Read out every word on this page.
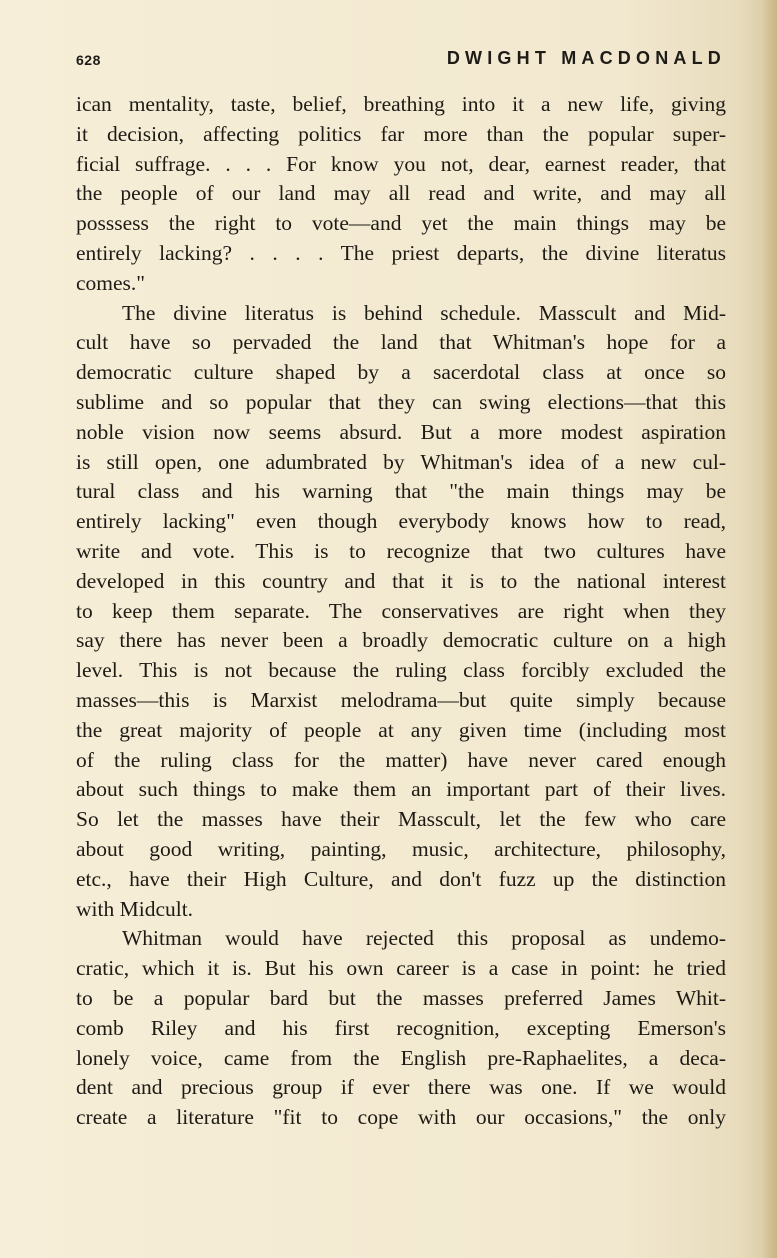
628	DWIGHT MACDONALD
ican mentality, taste, belief, breathing into it a new life, giving
it decision, affecting politics far more than the popular super-
ficial suffrage. . . . For know you not, dear, earnest reader, that
the people of our land may all read and write, and may all
posssess the right to vote—and yet the main things may be
entirely lacking? . . . . The priest departs, the divine literatus
comes."
The divine literatus is behind schedule. Masscult and Mid-
cult have so pervaded the land that Whitman's hope for a
democratic culture shaped by a sacerdotal class at once so
sublime and so popular that they can swing elections—that this
noble vision now seems absurd. But a more modest aspiration
is still open, one adumbrated by Whitman's idea of a new cul-
tural class and his warning that "the main things may be
entirely lacking" even though everybody knows how to read,
write and vote. This is to recognize that two cultures have
developed in this country and that it is to the national interest
to keep them separate. The conservatives are right when they
say there has never been a broadly democratic culture on a high
level. This is not because the ruling class forcibly excluded the
masses—this is Marxist melodrama—but quite simply because
the great majority of people at any given time (including most
of the ruling class for the matter) have never cared enough
about such things to make them an important part of their lives.
So let the masses have their Masscult, let the few who care
about good writing, painting, music, architecture, philosophy,
etc., have their High Culture, and don't fuzz up the distinction
with Midcult.
Whitman would have rejected this proposal as undemo-
cratic, which it is. But his own career is a case in point: he tried
to be a popular bard but the masses preferred James Whit-
comb Riley and his first recognition, excepting Emerson's
lonely voice, came from the English pre-Raphaelites, a deca-
dent and precious group if ever there was one. If we would
create a literature "fit to cope with our occasions," the only
